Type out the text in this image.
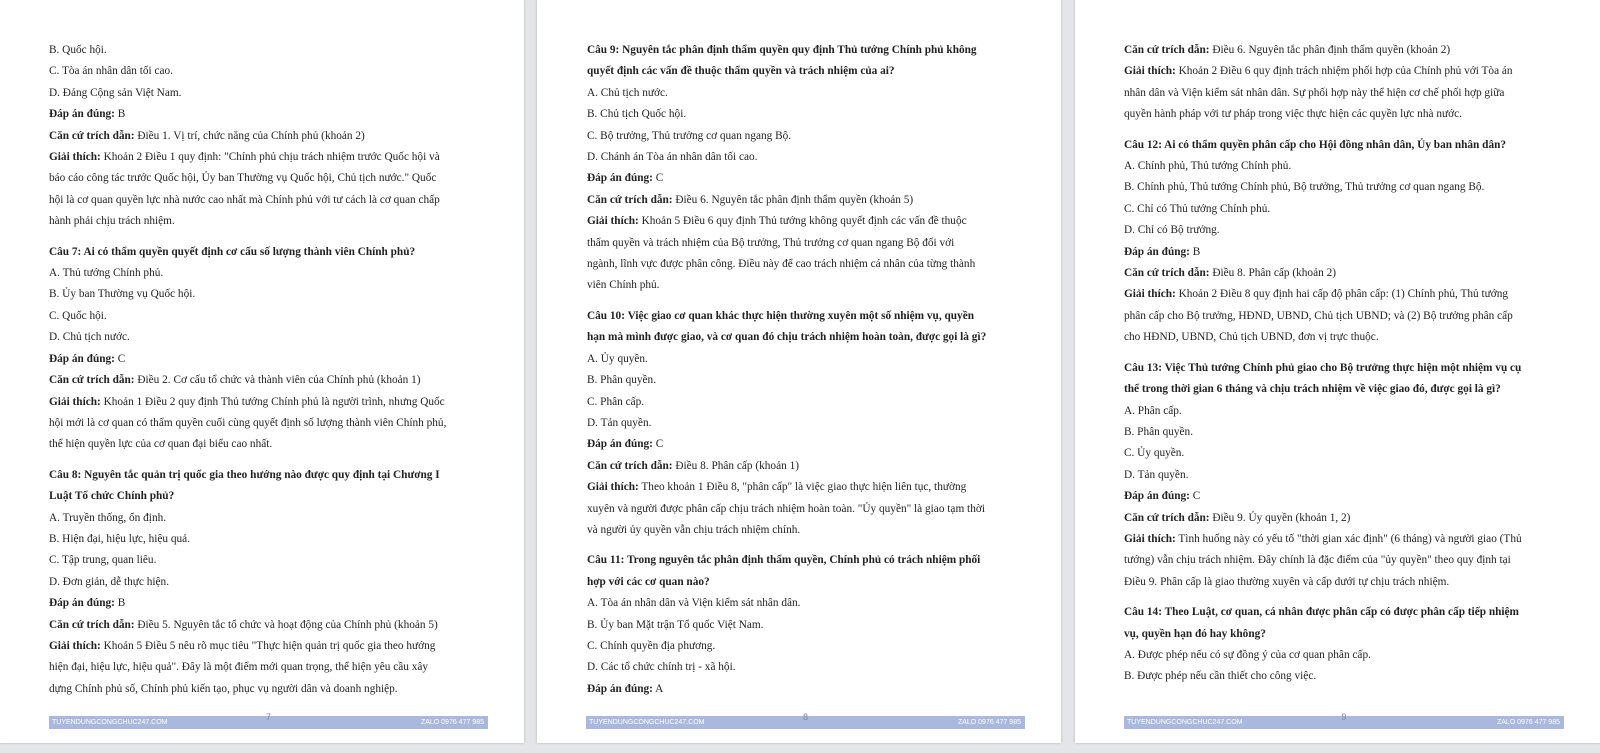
B. Quốc hội.
C. Tòa án nhân dân tối cao.
D. Đảng Cộng sản Việt Nam.
Đáp án đúng: B
Căn cứ trích dẫn: Điều 1. Vị trí, chức năng của Chính phủ (khoản 2)
Giải thích: Khoản 2 Điều 1 quy định: "Chính phủ chịu trách nhiệm trước Quốc hội và
báo cáo công tác trước Quốc hội, Ủy ban Thường vụ Quốc hội, Chủ tịch nước." Quốc
hội là cơ quan quyền lực nhà nước cao nhất mà Chính phủ với tư cách là cơ quan chấp
hành phải chịu trách nhiệm.
Câu 7: Ai có thẩm quyền quyết định cơ cấu số lượng thành viên Chính phủ?
A. Thủ tướng Chính phủ.
B. Ủy ban Thường vụ Quốc hội.
C. Quốc hội.
D. Chủ tịch nước.
Đáp án đúng: C
Căn cứ trích dẫn: Điều 2. Cơ cấu tổ chức và thành viên của Chính phủ (khoản 1)
Giải thích: Khoản 1 Điều 2 quy định Thủ tướng Chính phủ là người trình, nhưng Quốc
hội mới là cơ quan có thẩm quyền cuối cùng quyết định số lượng thành viên Chính phủ,
thể hiện quyền lực của cơ quan đại biểu cao nhất.
Câu 8: Nguyên tắc quản trị quốc gia theo hướng nào được quy định tại Chương I
Luật Tổ chức Chính phủ?
A. Truyền thống, ổn định.
B. Hiện đại, hiệu lực, hiệu quả.
C. Tập trung, quan liêu.
D. Đơn giản, dễ thực hiện.
Đáp án đúng: B
Căn cứ trích dẫn: Điều 5. Nguyên tắc tổ chức và hoạt động của Chính phủ (khoản 5)
Giải thích: Khoản 5 Điều 5 nêu rõ mục tiêu "Thực hiện quản trị quốc gia theo hướng
hiện đại, hiệu lực, hiệu quả". Đây là một điểm mới quan trọng, thể hiện yêu cầu xây
dựng Chính phủ số, Chính phủ kiến tạo, phục vụ người dân và doanh nghiệp.
TUYENDUNGCONGCHUC247.COM
7
ZALO 0976 477 985
Câu 9: Nguyên tắc phân định thẩm quyền quy định Thủ tướng Chính phủ không
quyết định các vấn đề thuộc thẩm quyền và trách nhiệm của ai?
A. Chủ tịch nước.
B. Chủ tịch Quốc hội.
C. Bộ trưởng, Thủ trưởng cơ quan ngang Bộ.
D. Chánh án Tòa án nhân dân tối cao.
Đáp án đúng: C
Căn cứ trích dẫn: Điều 6. Nguyên tắc phân định thẩm quyền (khoản 5)
Giải thích: Khoản 5 Điều 6 quy định Thủ tướng không quyết định các vấn đề thuộc
thẩm quyền và trách nhiệm của Bộ trưởng, Thủ trưởng cơ quan ngang Bộ đối với
ngành, lĩnh vực được phân công. Điều này để cao trách nhiệm cá nhân của từng thành
viên Chính phủ.
Câu 10: Việc giao cơ quan khác thực hiện thường xuyên một số nhiệm vụ, quyền
hạn mà mình được giao, và cơ quan đó chịu trách nhiệm hoàn toàn, được gọi là gì?
A. Ủy quyền.
B. Phân quyền.
C. Phân cấp.
D. Tản quyền.
Đáp án đúng: C
Căn cứ trích dẫn: Điều 8. Phân cấp (khoản 1)
Giải thích: Theo khoản 1 Điều 8, "phân cấp" là việc giao thực hiện liên tục, thường
xuyên và người được phân cấp chịu trách nhiệm hoàn toàn. "Ủy quyền" là giao tạm thời
và người ủy quyền vẫn chịu trách nhiệm chính.
Câu 11: Trong nguyên tắc phân định thẩm quyền, Chính phủ có trách nhiệm phối
hợp với các cơ quan nào?
A. Tòa án nhân dân và Viện kiểm sát nhân dân.
B. Ủy ban Mặt trận Tổ quốc Việt Nam.
C. Chính quyền địa phương.
D. Các tổ chức chính trị - xã hội.
Đáp án đúng: A
TUYENDUNGCONGCHUC247.COM
8
ZALO 0976 477 985
Căn cứ trích dẫn: Điều 6. Nguyên tắc phân định thẩm quyền (khoản 2)
Giải thích: Khoản 2 Điều 6 quy định trách nhiệm phối hợp của Chính phủ với Tòa án
nhân dân và Viện kiểm sát nhân dân. Sự phối hợp này thể hiện cơ chế phối hợp giữa
quyền hành pháp với tư pháp trong việc thực hiện các quyền lực nhà nước.
Câu 12: Ai có thẩm quyền phân cấp cho Hội đồng nhân dân, Ủy ban nhân dân?
A. Chính phủ, Thủ tướng Chính phủ.
B. Chính phủ, Thủ tướng Chính phủ, Bộ trưởng, Thủ trưởng cơ quan ngang Bộ.
C. Chỉ có Thủ tướng Chính phủ.
D. Chỉ có Bộ trưởng.
Đáp án đúng: B
Căn cứ trích dẫn: Điều 8. Phân cấp (khoản 2)
Giải thích: Khoản 2 Điều 8 quy định hai cấp độ phân cấp: (1) Chính phủ, Thủ tướng
phân cấp cho Bộ trưởng, HĐND, UBND, Chủ tịch UBND; và (2) Bộ trưởng phân cấp
cho HĐND, UBND, Chủ tịch UBND, đơn vị trực thuộc.
Câu 13: Việc Thủ tướng Chính phủ giao cho Bộ trưởng thực hiện một nhiệm vụ cụ
thể trong thời gian 6 tháng và chịu trách nhiệm về việc giao đó, được gọi là gì?
A. Phân cấp.
B. Phân quyền.
C. Ủy quyền.
D. Tản quyền.
Đáp án đúng: C
Căn cứ trích dẫn: Điều 9. Ủy quyền (khoản 1, 2)
Giải thích: Tình huống này có yếu tố "thời gian xác định" (6 tháng) và người giao (Thủ
tướng) vẫn chịu trách nhiệm. Đây chính là đặc điểm của "ủy quyền" theo quy định tại
Điều 9. Phân cấp là giao thường xuyên và cấp dưới tự chịu trách nhiệm.
Câu 14: Theo Luật, cơ quan, cá nhân được phân cấp có được phân cấp tiếp nhiệm
vụ, quyền hạn đó hay không?
A. Được phép nếu có sự đồng ý của cơ quan phân cấp.
B. Được phép nếu cần thiết cho công việc.
TUYENDUNGCONGCHUC247.COM
9
ZALO 0976 477 985
